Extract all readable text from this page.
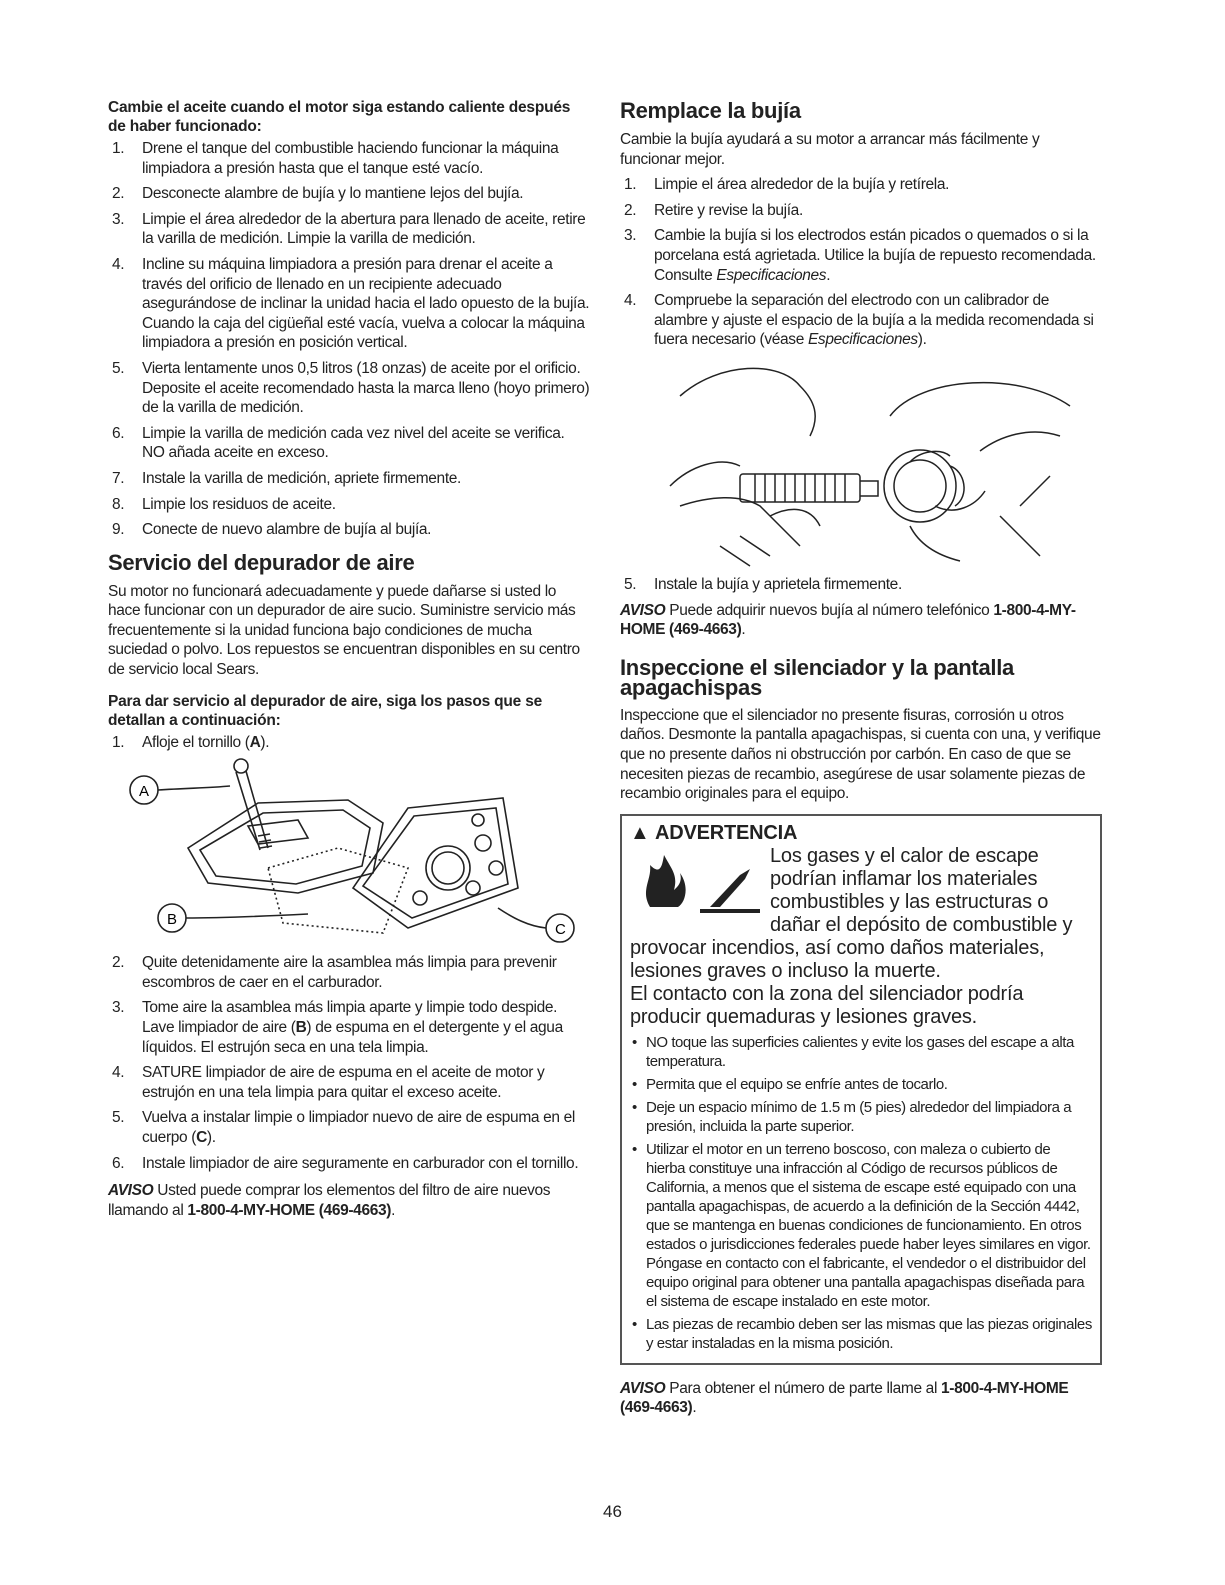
Cambie el aceite cuando el motor siga estando caliente después de haber funcionado:
1. Drene el tanque del combustible haciendo funcionar la máquina limpiadora a presión hasta que el tanque esté vacío.
2. Desconecte alambre de bujía y lo mantiene lejos del bujía.
3. Limpie el área alrededor de la abertura para llenado de aceite, retire la varilla de medición. Limpie la varilla de medición.
4. Incline su máquina limpiadora a presión para drenar el aceite a través del orificio de llenado en un recipiente adecuado asegurándose de inclinar la unidad hacia el lado opuesto de la bujía. Cuando la caja del cigüeñal esté vacía, vuelva a colocar la máquina limpiadora a presión en posición vertical.
5. Vierta lentamente unos 0,5 litros (18 onzas) de aceite por el orificio. Deposite el aceite recomendado hasta la marca lleno (hoyo primero) de la varilla de medición.
6. Limpie la varilla de medición cada vez nivel del aceite se verifica. NO añada aceite en exceso.
7. Instale la varilla de medición, apriete firmemente.
8. Limpie los residuos de aceite.
9. Conecte de nuevo alambre de bujía al bujía.
Servicio del depurador de aire

Su motor no funcionará adecuadamente y puede dañarse si usted lo hace funcionar con un depurador de aire sucio. Suministre servicio más frecuentemente si la unidad funciona bajo condiciones de mucha suciedad o polvo. Los repuestos se encuentran disponibles en su centro de servicio local Sears.

Para dar servicio al depurador de aire, siga los pasos que se detallan a continuación:
1. Afloje el tornillo (A).
A
B
C
2. Quite detenidamente aire la asamblea más limpia para prevenir escombros de caer en el carburador.
3. Tome aire la asamblea más limpia aparte y limpie todo despide. Lave limpiador de aire (B) de espuma en el detergente y el agua líquidos. El estrujón seca en una tela limpia.
4. SATURE limpiador de aire de espuma en el aceite de motor y estrujón en una tela limpia para quitar el exceso aceite.
5. Vuelva a instalar limpie o limpiador nuevo de aire de espuma en el cuerpo (C).
6. Instale limpiador de aire seguramente en carburador con el tornillo.

AVISO Usted puede comprar los elementos del filtro de aire nuevos llamando al 1-800-4-MY-HOME (469-4663).

Remplace la bujía

Cambie la bujía ayudará a su motor a arrancar más fácilmente y funcionar mejor.

1. Limpie el área alrededor de la bujía y retírela.
2. Retire y revise la bujía.
3. Cambie la bujía si los electrodos están picados o quemados o si la porcelana está agrietada. Utilice la bujía de repuesto recomendada. Consulte Especificaciones.
4. Compruebe la separación del electrodo con un calibrador de alambre y ajuste el espacio de la bujía a la medida recomendada si fuera necesario (véase Especificaciones).
5. Instale la bujía y aprietela firmemente.

AVISO Puede adquirir nuevos bujía al número telefónico 1-800-4-MY-HOME (469-4663).

Inspeccione el silenciador y la pantalla apagachispas

Inspeccione que el silenciador no presente fisuras, corrosión u otros daños. Desmonte la pantalla apagachispas, si cuenta con una, y verifique que no presente daños ni obstrucción por carbón. En caso de que se necesiten piezas de recambio, asegúrese de usar solamente piezas de recambio originales para el equipo.

▲ ADVERTENCIA
Los gases y el calor de escape podrían inflamar los materiales combustibles y las estructuras o dañar el depósito de combustible y provocar incendios, así como daños materiales, lesiones graves o incluso la muerte.
El contacto con la zona del silenciador podría producir quemaduras y lesiones graves.
• NO toque las superficies calientes y evite los gases del escape a alta temperatura.
• Permita que el equipo se enfríe antes de tocarlo.
• Deje un espacio mínimo de 1.5 m (5 pies) alrededor del limpiadora a presión, incluida la parte superior.
• Utilizar el motor en un terreno boscoso, con maleza o cubierto de hierba constituye una infracción al Código de recursos públicos de California, a menos que el sistema de escape esté equipado con una pantalla apagachispas, de acuerdo a la definición de la Sección 4442, que se mantenga en buenas condiciones de funcionamiento. En otros estados o jurisdicciones federales puede haber leyes similares en vigor. Póngase en contacto con el fabricante, el vendedor o el distribuidor del equipo original para obtener una pantalla apagachispas diseñada para el sistema de escape instalado en este motor.
• Las piezas de recambio deben ser las mismas que las piezas originales y estar instaladas en la misma posición.

AVISO Para obtener el número de parte llame al 1-800-4-MY-HOME (469-4663).

46
